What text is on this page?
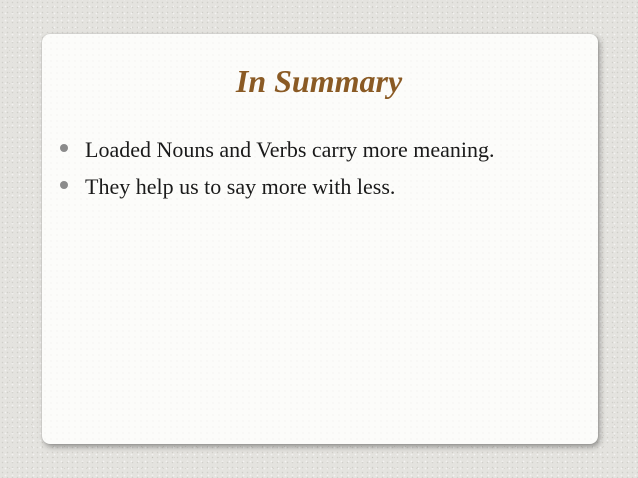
In Summary
Loaded Nouns and Verbs carry more meaning.
They help us to say more with less.
